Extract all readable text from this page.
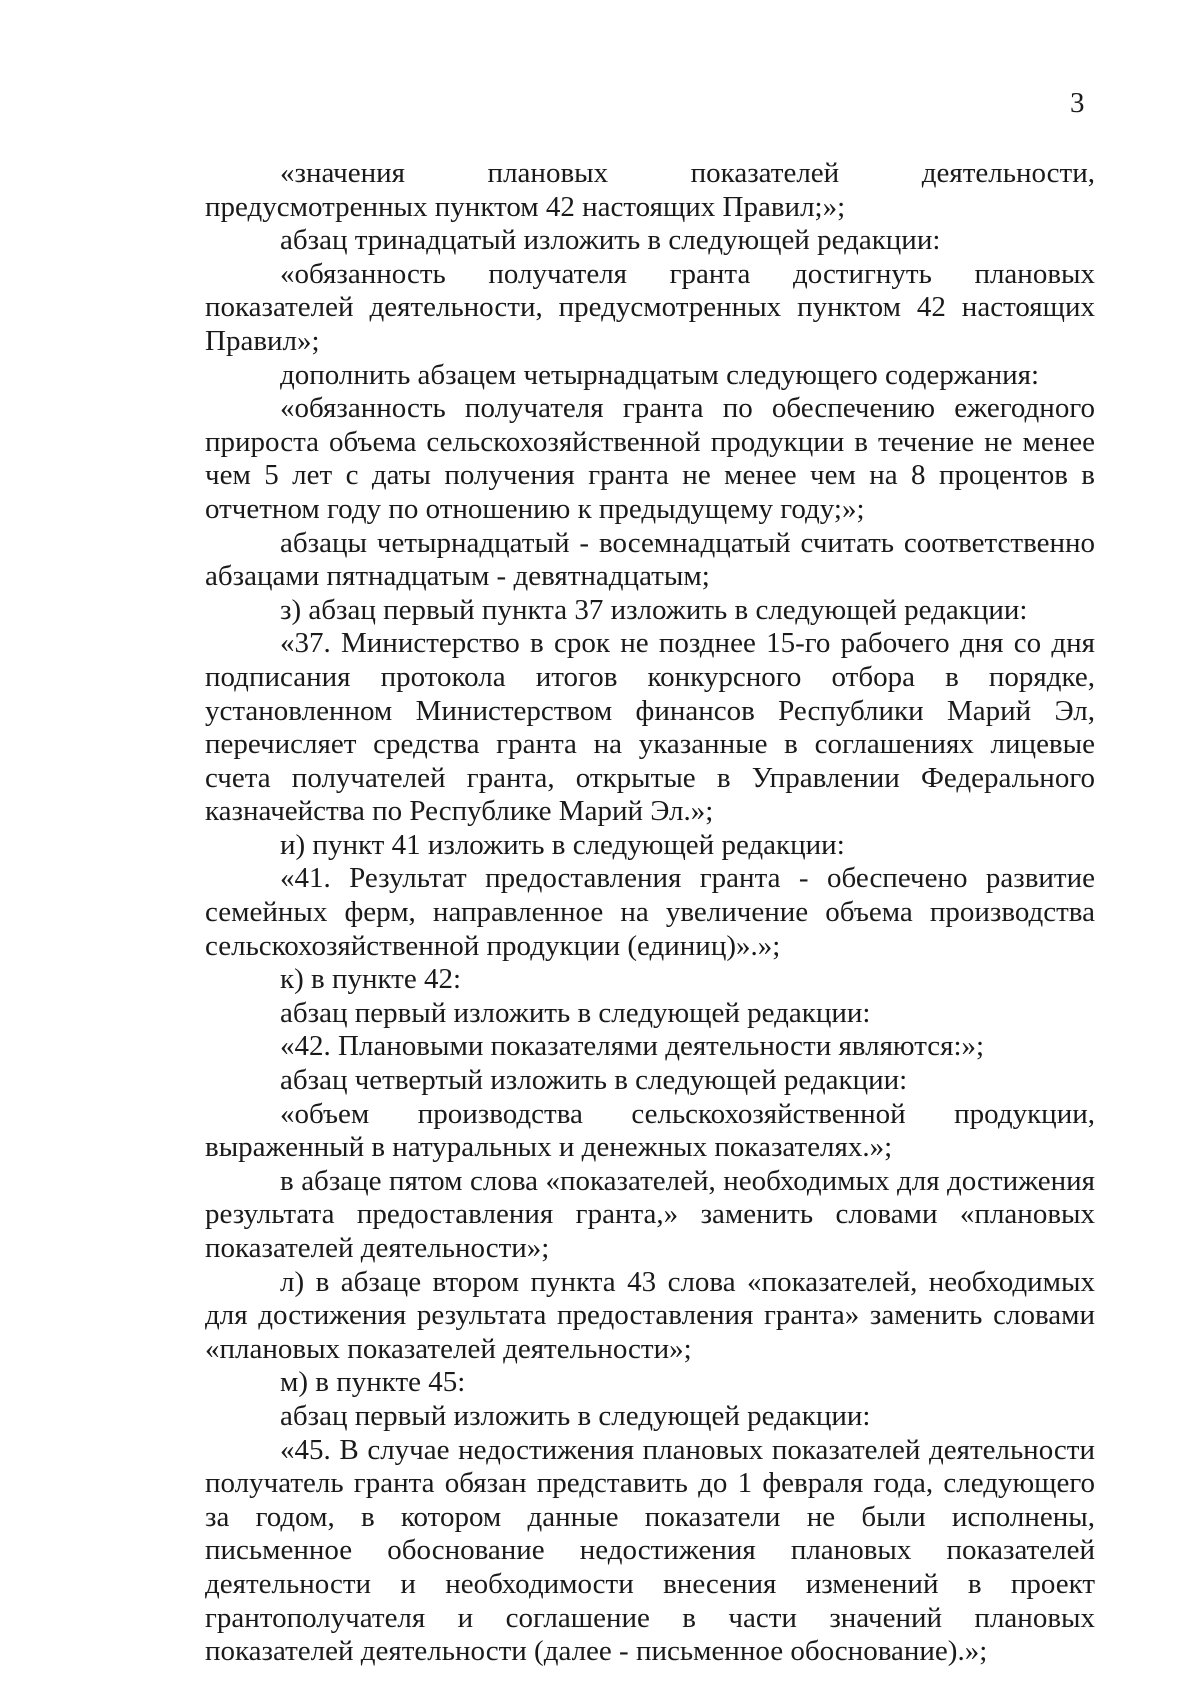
3

«значения плановых показателей деятельности, предусмотренных пунктом 42 настоящих Правил;»;

абзац тринадцатый изложить в следующей редакции:

«обязанность получателя гранта достигнуть плановых показателей деятельности, предусмотренных пунктом 42 настоящих Правил»;

дополнить абзацем четырнадцатым следующего содержания:

«обязанность получателя гранта по обеспечению ежегодного прироста объема сельскохозяйственной продукции в течение не менее чем 5 лет с даты получения гранта не менее чем на 8 процентов в отчетном году по отношению к предыдущему году;»;

абзацы четырнадцатый - восемнадцатый считать соответственно абзацами пятнадцатым - девятнадцатым;

з) абзац первый пункта 37 изложить в следующей редакции:

«37. Министерство в срок не позднее 15-го рабочего дня со дня подписания протокола итогов конкурсного отбора в порядке, установленном Министерством финансов Республики Марий Эл, перечисляет средства гранта на указанные в соглашениях лицевые счета получателей гранта, открытые в Управлении Федерального казначейства по Республике Марий Эл.»;

и) пункт 41 изложить в следующей редакции:

«41. Результат предоставления гранта - обеспечено развитие семейных ферм, направленное на увеличение объема производства сельскохозяйственной продукции (единиц)».»;

к) в пункте 42:

абзац первый изложить в следующей редакции:

«42. Плановыми показателями деятельности являются:»;

абзац четвертый изложить в следующей редакции:

«объем производства сельскохозяйственной продукции, выраженный в натуральных и денежных показателях.»;

в абзаце пятом слова «показателей, необходимых для достижения результата предоставления гранта,» заменить словами «плановых показателей деятельности»;

л) в абзаце втором пункта 43 слова «показателей, необходимых для достижения результата предоставления гранта» заменить словами «плановых показателей деятельности»;

м) в пункте 45:

абзац первый изложить в следующей редакции:

«45. В случае недостижения плановых показателей деятельности получатель гранта обязан представить до 1 февраля года, следующего за годом, в котором данные показатели не были исполнены, письменное обоснование недостижения плановых показателей деятельности и необходимости внесения изменений в проект грантополучателя и соглашение в части значений плановых показателей деятельности (далее - письменное обоснование).»;
